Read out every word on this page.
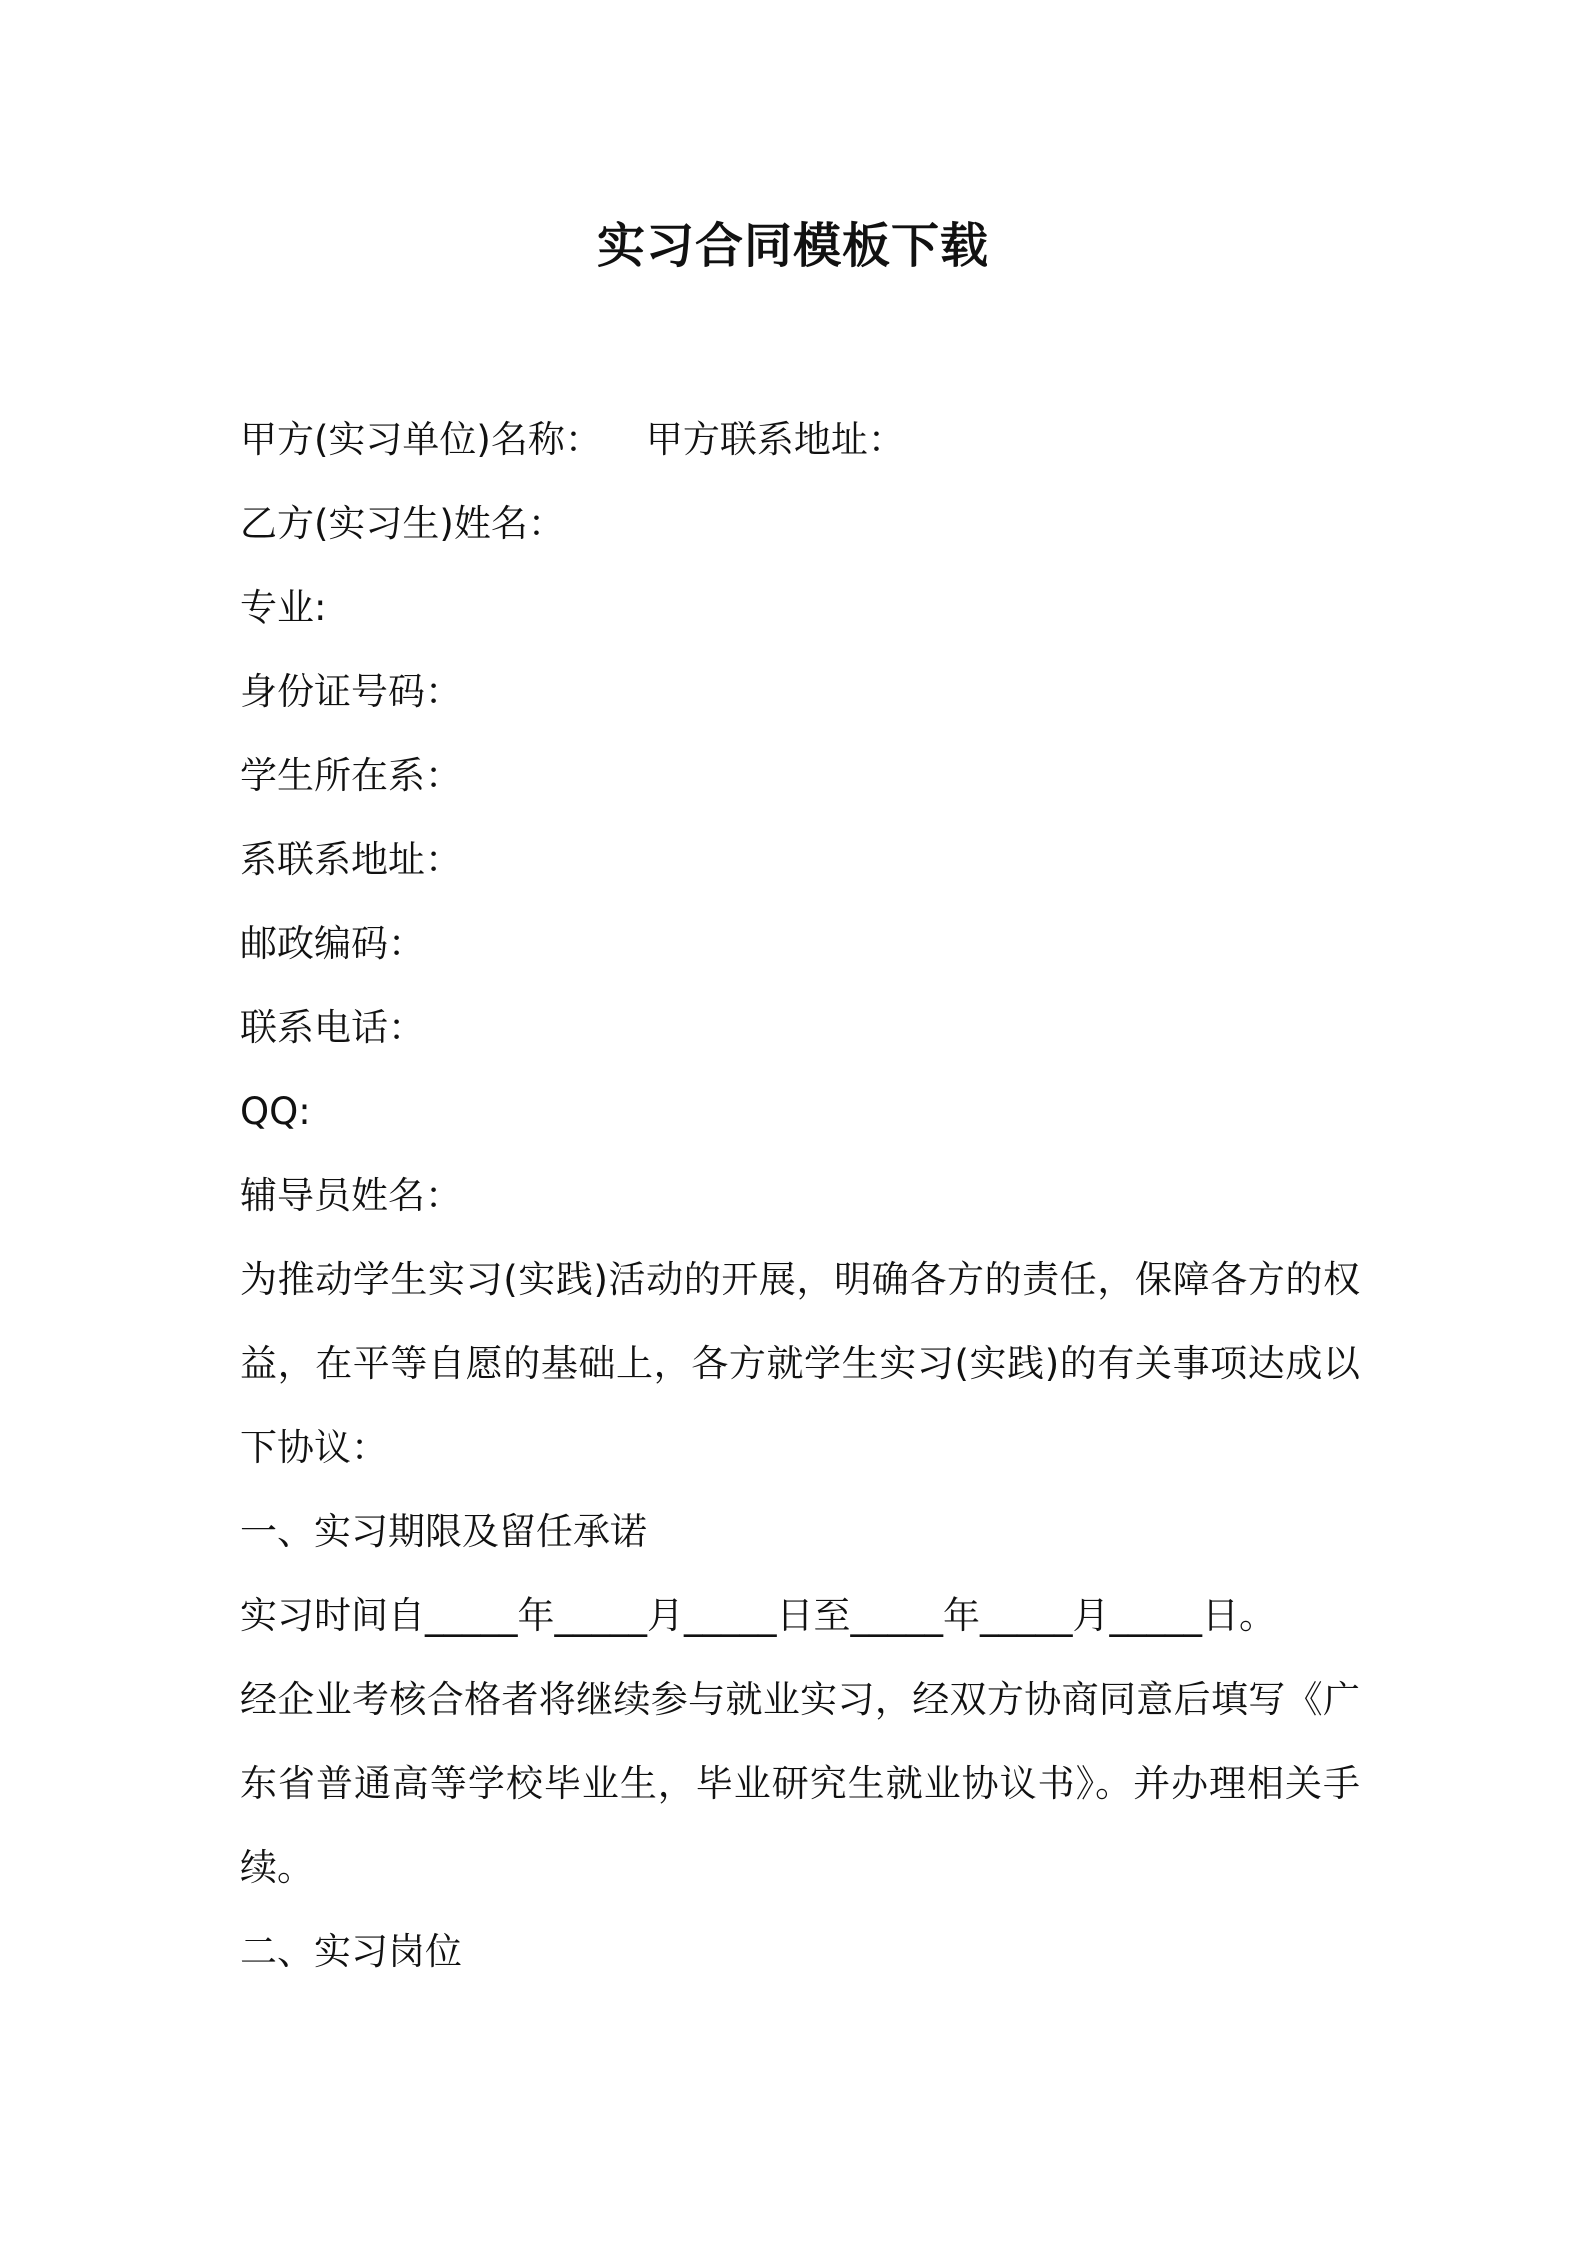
实习合同模板下载
甲方(实习单位)名称： 甲方联系地址：
乙方(实习生)姓名：
专业:
身份证号码：
学生所在系：
系联系地址：
邮政编码：
联系电话：
QQ:
辅导员姓名：
为推动学生实习(实践)活动的开展，明确各方的责任，保障各方的权益，在平等自愿的基础上，各方就学生实习(实践)的有关事项达成以下协议：
一、实习期限及留任承诺
实习时间自_____年_____月_____日至_____年_____月_____日。
经企业考核合格者将继续参与就业实习，经双方协商同意后填写《广东省普通高等学校毕业生，毕业研究生就业协议书》。并办理相关手续。
二、实习岗位
